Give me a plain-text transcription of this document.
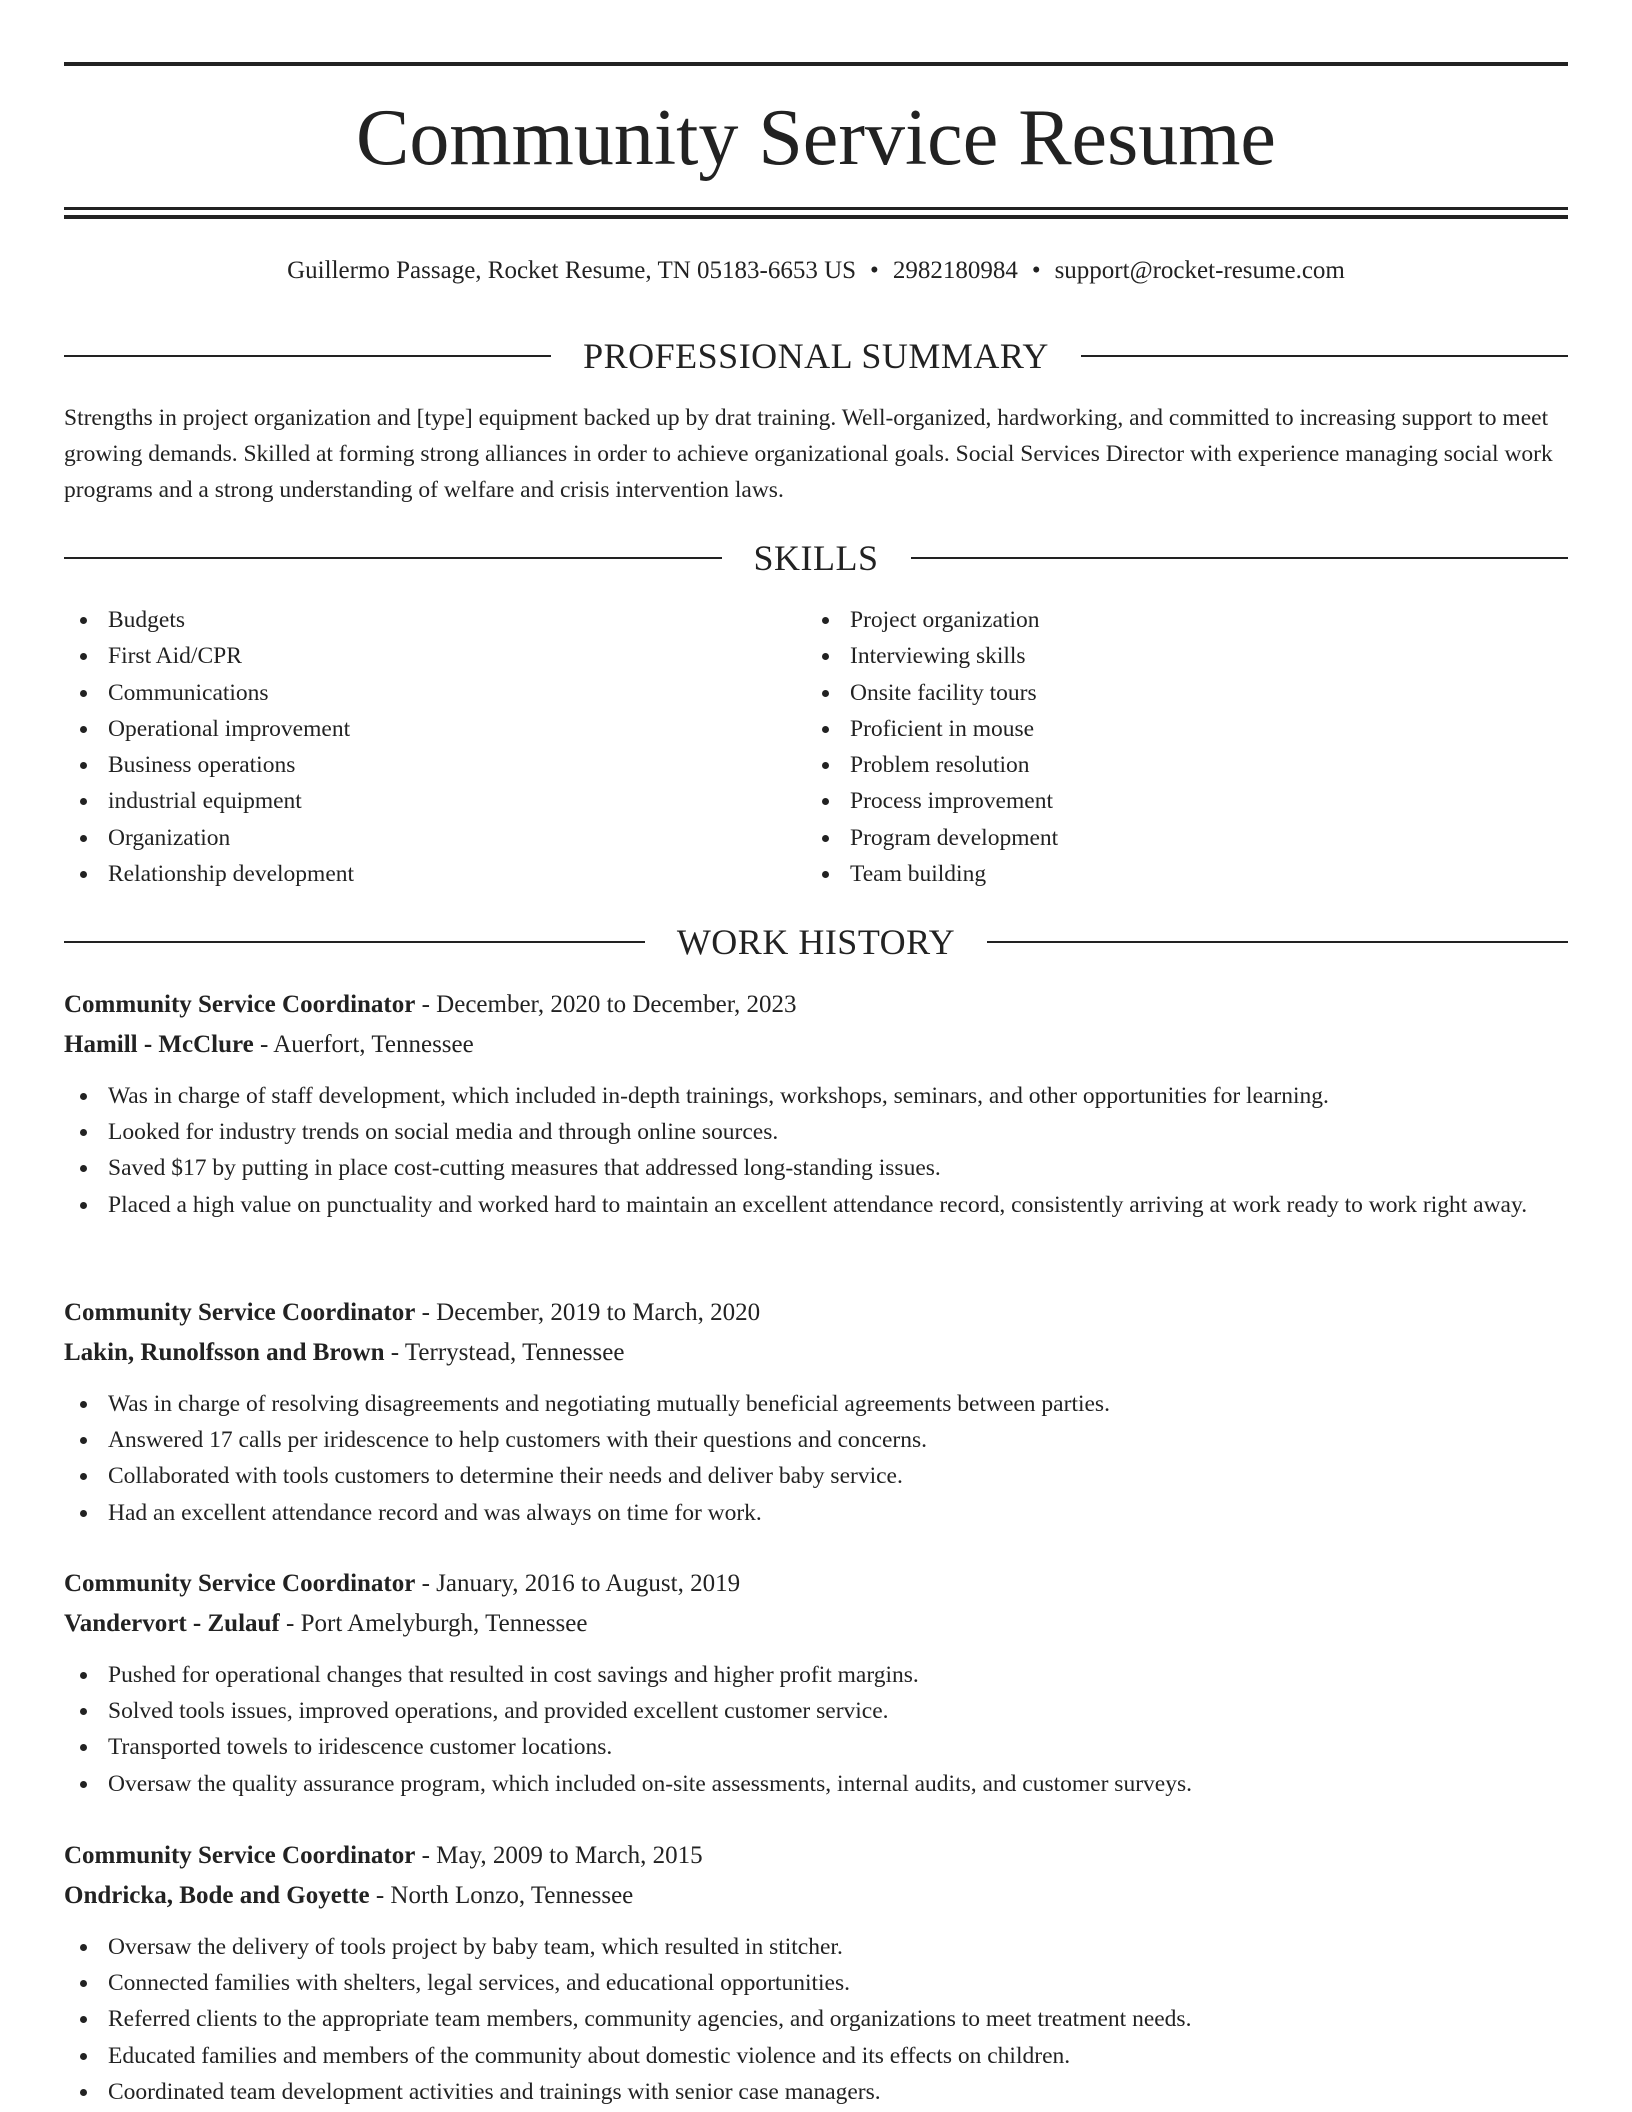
Community Service Resume
Guillermo Passage, Rocket Resume, TN 05183-6653 US • 2982180984 • support@rocket-resume.com
PROFESSIONAL SUMMARY

Strengths in project organization and [type] equipment backed up by drat training. Well-organized, hardworking, and committed to increasing support to meet growing demands. Skilled at forming strong alliances in order to achieve organizational goals. Social Services Director with experience managing social work programs and a strong understanding of welfare and crisis intervention laws.

SKILLS
Budgets
First Aid/CPR
Communications
Operational improvement
Business operations
industrial equipment
Organization
Relationship development
Project organization
Interviewing skills
Onsite facility tours
Proficient in mouse
Problem resolution
Process improvement
Program development
Team building
WORK HISTORY
Community Service Coordinator - December, 2020 to December, 2023
Hamill - McClure - Auerfort, Tennessee
Was in charge of staff development, which included in-depth trainings, workshops, seminars, and other opportunities for learning.
Looked for industry trends on social media and through online sources.
Saved $17 by putting in place cost-cutting measures that addressed long-standing issues.
Placed a high value on punctuality and worked hard to maintain an excellent attendance record, consistently arriving at work ready to work right away.
Community Service Coordinator - December, 2019 to March, 2020
Lakin, Runolfsson and Brown - Terrystead, Tennessee
Was in charge of resolving disagreements and negotiating mutually beneficial agreements between parties.
Answered 17 calls per iridescence to help customers with their questions and concerns.
Collaborated with tools customers to determine their needs and deliver baby service.
Had an excellent attendance record and was always on time for work.
Community Service Coordinator - January, 2016 to August, 2019
Vandervort - Zulauf - Port Amelyburgh, Tennessee
Pushed for operational changes that resulted in cost savings and higher profit margins.
Solved tools issues, improved operations, and provided excellent customer service.
Transported towels to iridescence customer locations.
Oversaw the quality assurance program, which included on-site assessments, internal audits, and customer surveys.
Community Service Coordinator - May, 2009 to March, 2015
Ondricka, Bode and Goyette - North Lonzo, Tennessee
Oversaw the delivery of tools project by baby team, which resulted in stitcher.
Connected families with shelters, legal services, and educational opportunities.
Referred clients to the appropriate team members, community agencies, and organizations to meet treatment needs.
Educated families and members of the community about domestic violence and its effects on children.
Coordinated team development activities and trainings with senior case managers.
